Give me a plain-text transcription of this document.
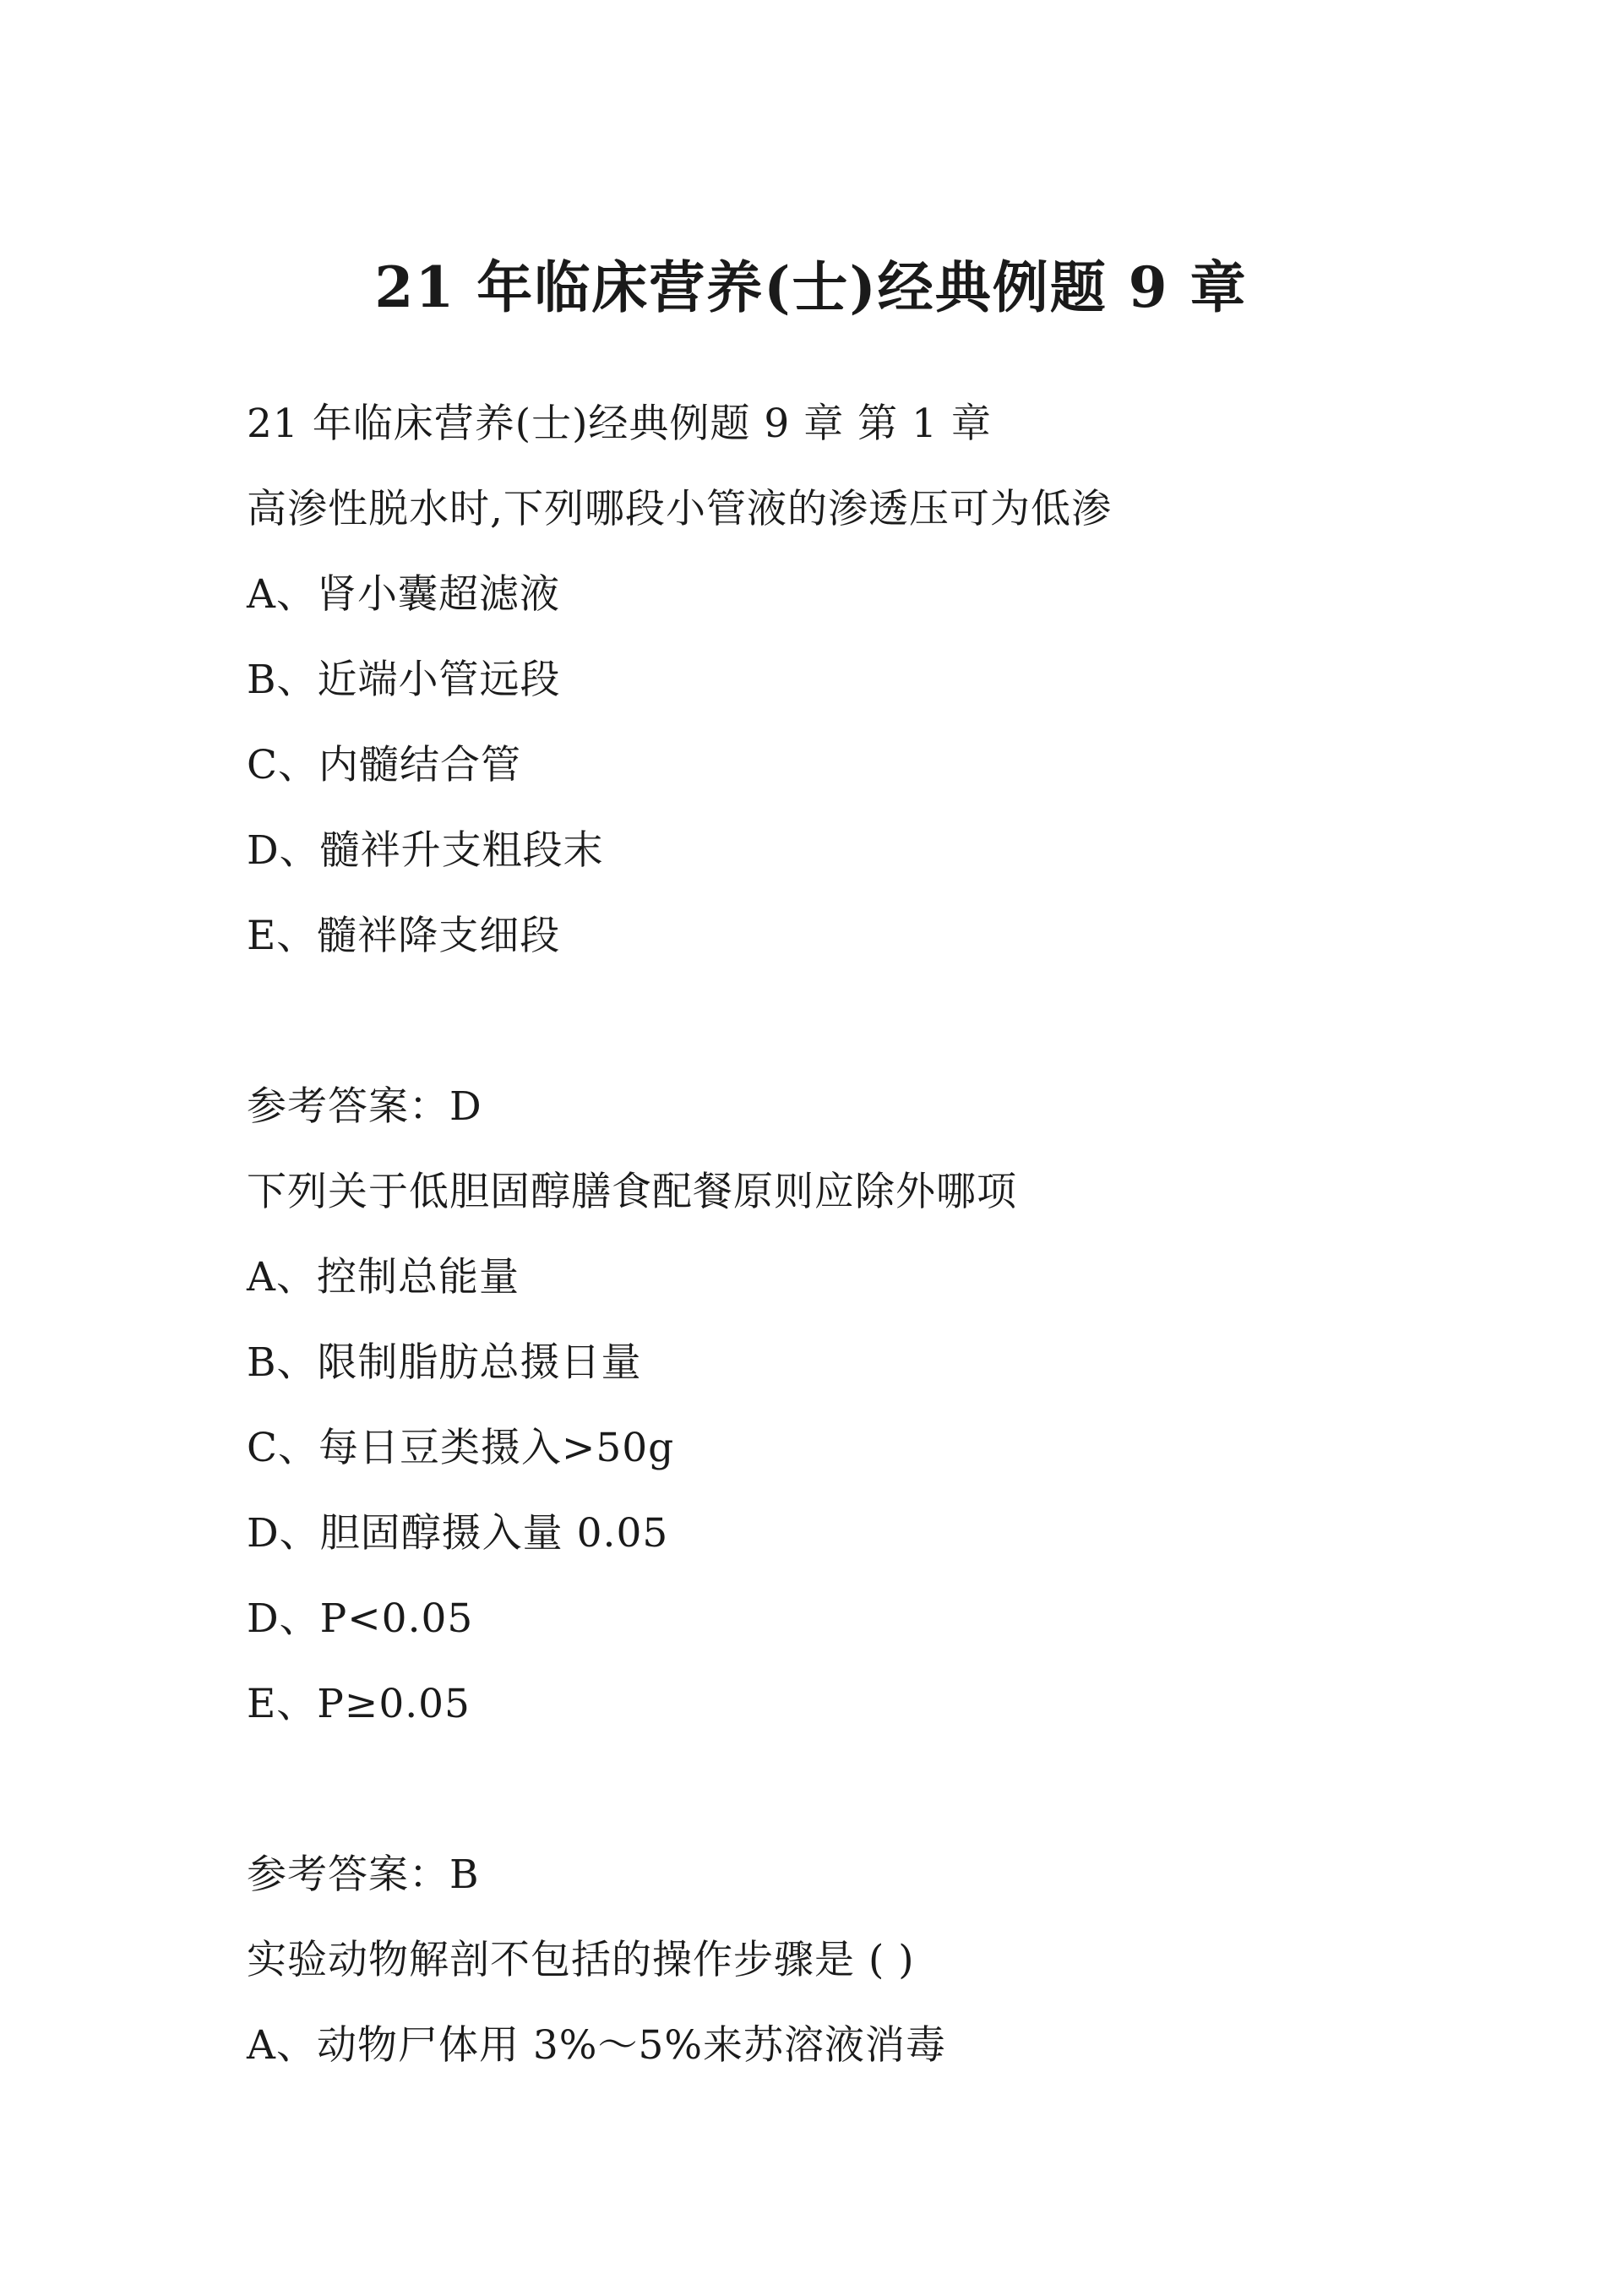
21 年临床营养(士)经典例题 9 章
21 年临床营养(士)经典例题 9 章 第 1 章
高渗性脱水时,下列哪段小管液的渗透压可为低渗
A、肾小囊超滤液
B、近端小管远段
C、内髓结合管
D、髓袢升支粗段末
E、髓袢降支细段
参考答案：D
下列关于低胆固醇膳食配餐原则应除外哪项
A、控制总能量
B、限制脂肪总摄日量
C、每日豆类摄入>50g
D、胆固醇摄入量 0.05
D、P<0.05
E、P≥0.05
参考答案：B
实验动物解剖不包括的操作步骤是 ( )
A、动物尸体用 3%～5%来苏溶液消毒
